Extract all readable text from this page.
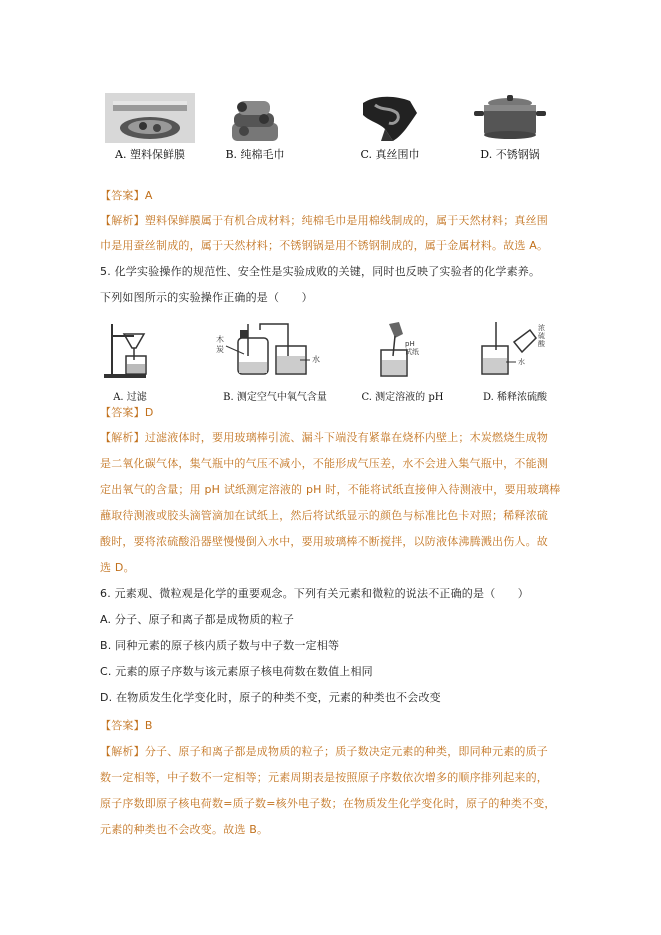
A. 塑料保鲜膜	B. 纯棉毛巾	C. 真丝围巾	D. 不锈钢锅
【答案】A
【解析】塑料保鲜膜属于有机合成材料；纯棉毛巾是用棉线制成的，属于天然材料；真丝围
巾是用蚕丝制成的，属于天然材料；不锈钢锅是用不锈钢制成的，属于金属材料。故选 A。
5. 化学实验操作的规范性、安全性是实验成败的关键，同时也反映了实验者的化学素养。
下列如图所示的实验操作正确的是（　　）
A. 过滤
木
炭
水
B. 测定空气中氧气含量
pH
试纸
C. 测定溶液的 pH
浓
硫
酸
水
D. 稀释浓硫酸
【答案】D
【解析】过滤液体时，要用玻璃棒引流、漏斗下端没有紧靠在烧杯内壁上；木炭燃烧生成物
是二氧化碳气体，集气瓶中的气压不减小，不能形成气压差，水不会进入集气瓶中，不能测
定出氧气的含量；用 pH 试纸测定溶液的 pH 时，不能将试纸直接伸入待测液中，要用玻璃棒
蘸取待测液或胶头滴管滴加在试纸上，然后将试纸显示的颜色与标准比色卡对照；稀释浓硫
酸时，要将浓硫酸沿器壁慢慢倒入水中，要用玻璃棒不断搅拌，以防液体沸腾溅出伤人。故
选 D。
6. 元素观、微粒观是化学的重要观念。下列有关元素和微粒的说法不正确的是（　　）
A. 分子、原子和离子都是成物质的粒子
B. 同种元素的原子核内质子数与中子数一定相等
C. 元素的原子序数与该元素原子核电荷数在数值上相同
D. 在物质发生化学变化时，原子的种类不变，元素的种类也不会改变
【答案】B
【解析】分子、原子和离子都是成物质的粒子；质子数决定元素的种类，即同种元素的质子
数一定相等，中子数不一定相等；元素周期表是按照原子序数依次增多的顺序排列起来的，
原子序数即原子核电荷数=质子数=核外电子数；在物质发生化学变化时，原子的种类不变，
元素的种类也不会改变。故选 B。
